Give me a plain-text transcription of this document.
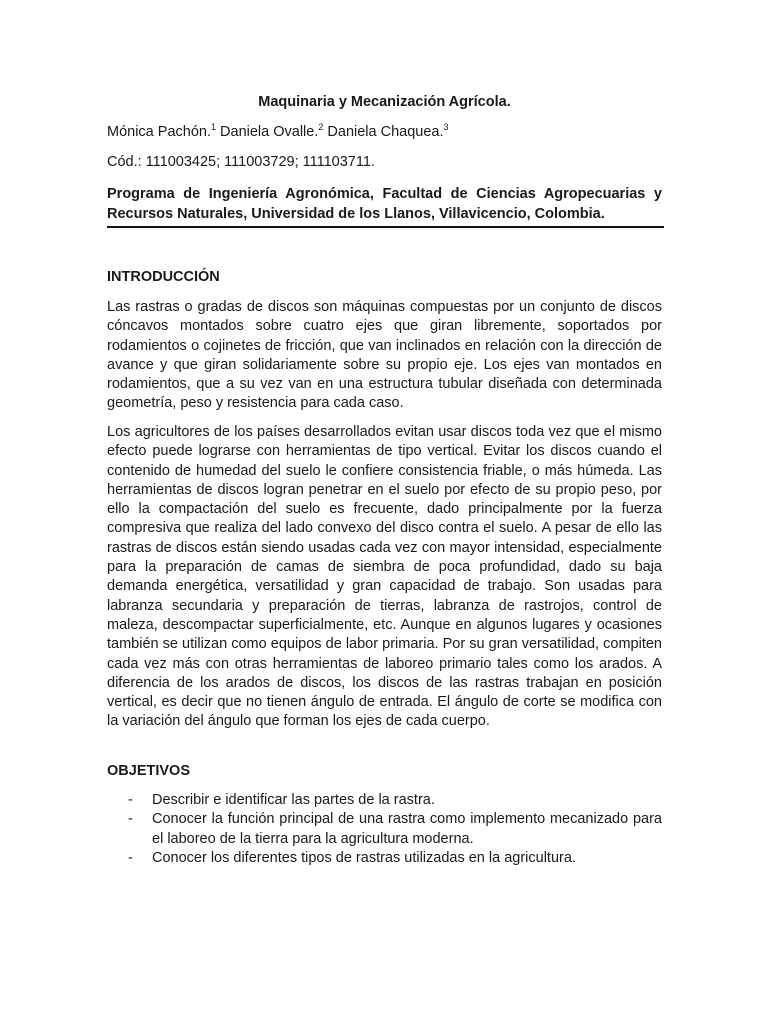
Maquinaria y Mecanización Agrícola.
Mónica Pachón.$^1$ Daniela Ovalle.$^2$ Daniela Chaquea.$^3$
Cód.: 111003425; 111003729; 111103711.
Programa de Ingeniería Agronómica, Facultad de Ciencias Agropecuarias y Recursos Naturales, Universidad de los Llanos, Villavicencio, Colombia.
INTRODUCCIÓN
Las rastras o gradas de discos son máquinas compuestas por un conjunto de discos cóncavos montados sobre cuatro ejes que giran libremente, soportados por rodamientos o cojinetes de fricción, que van inclinados en relación con la dirección de avance y que giran solidariamente sobre su propio eje. Los ejes van montados en rodamientos, que a su vez van en una estructura tubular diseñada con determinada geometría, peso y resistencia para cada caso.
Los agricultores de los países desarrollados evitan usar discos toda vez que el mismo efecto puede lograrse con herramientas de tipo vertical. Evitar los discos cuando el contenido de humedad del suelo le confiere consistencia friable, o más húmeda. Las herramientas de discos logran penetrar en el suelo por efecto de su propio peso, por ello la compactación del suelo es frecuente, dado principalmente por la fuerza compresiva que realiza del lado convexo del disco contra el suelo. A pesar de ello las rastras de discos están siendo usadas cada vez con mayor intensidad, especialmente para la preparación de camas de siembra de poca profundidad, dado su baja demanda energética, versatilidad y gran capacidad de trabajo. Son usadas para labranza secundaria y preparación de tierras, labranza de rastrojos, control de maleza, descompactar superficialmente, etc. Aunque en algunos lugares y ocasiones también se utilizan como equipos de labor primaria. Por su gran versatilidad, compiten cada vez más con otras herramientas de laboreo primario tales como los arados. A diferencia de los arados de discos, los discos de las rastras trabajan en posición vertical, es decir que no tienen ángulo de entrada. El ángulo de corte se modifica con la variación del ángulo que forman los ejes de cada cuerpo.
OBJETIVOS
- Describir e identificar las partes de la rastra.
- Conocer la función principal de una rastra como implemento mecanizado para el laboreo de la tierra para la agricultura moderna.
- Conocer los diferentes tipos de rastras utilizadas en la agricultura.
